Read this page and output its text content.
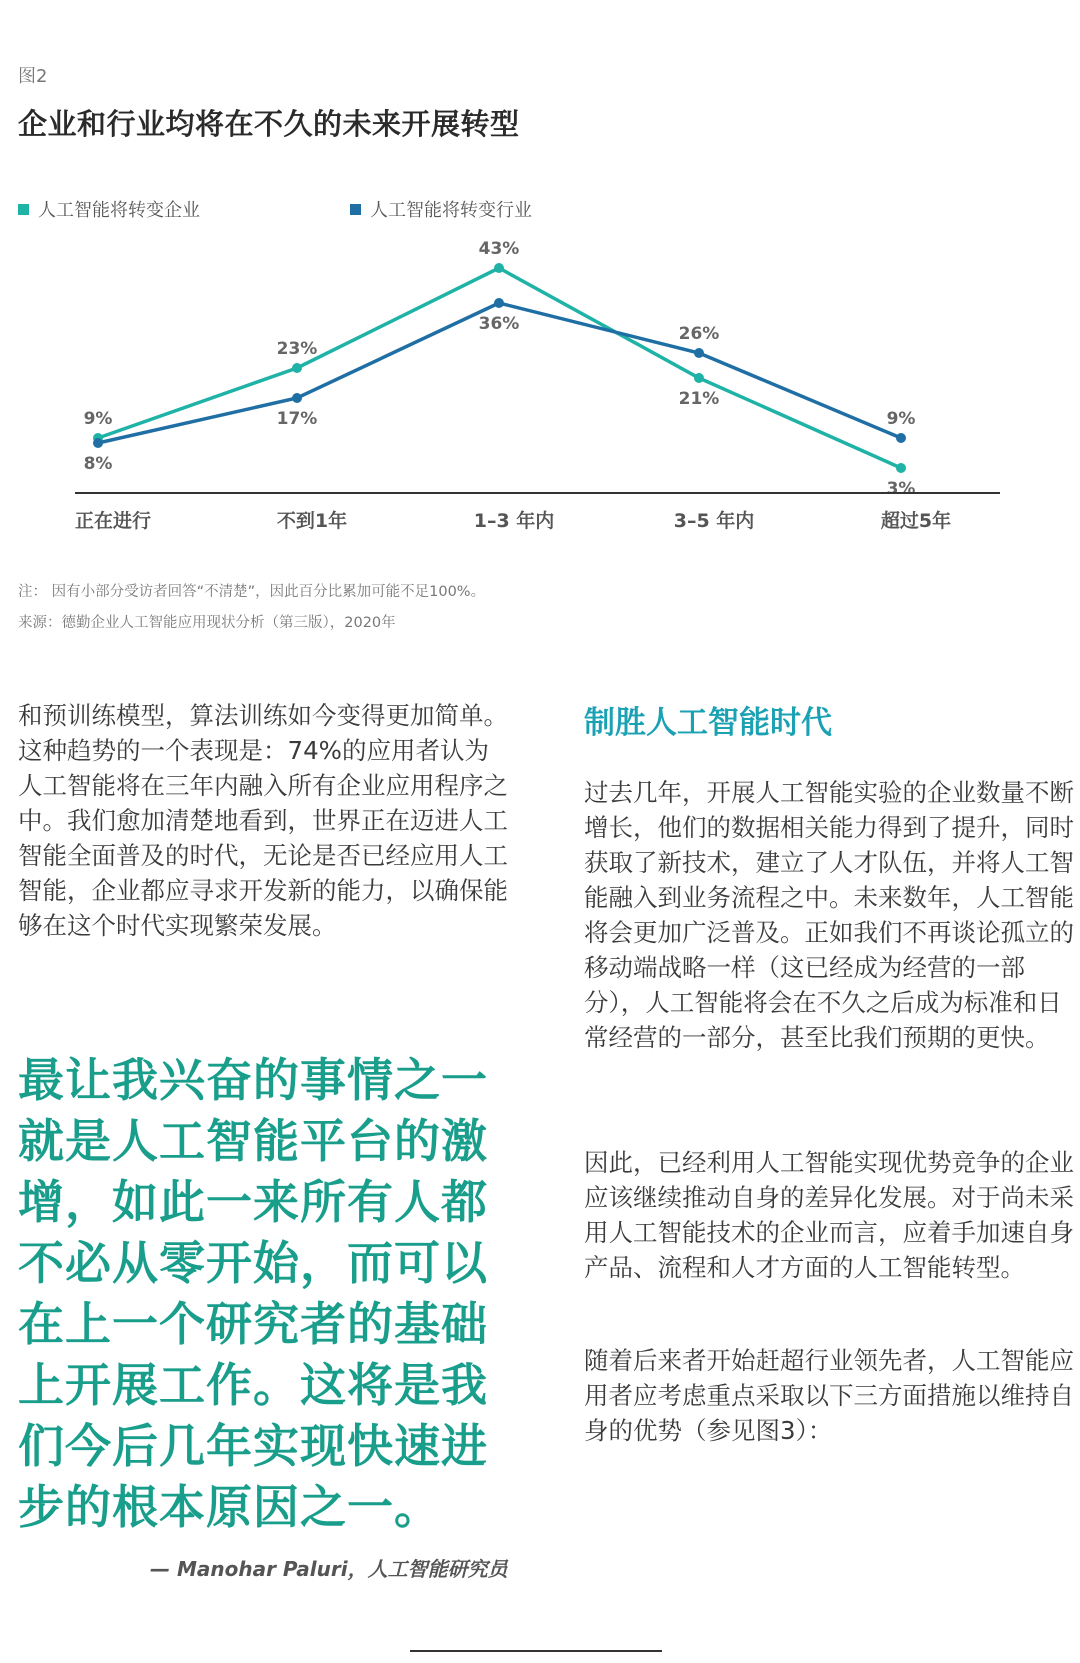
图2
企业和行业均将在不久的未来开展转型
人工智能将转变企业	人工智能将转变行业
9%
23%
43%
21%
3%
8%
17%
36%	26%
9%
正在进行	不到1年	1–3 年内	3–5 年内	超过5年
注： 因有小部分受访者回答“不清楚”，因此百分比累加可能不足100%。
来源：德勤企业人工智能应用现状分析（第三版），2020年
和预训练模型，算法训练如今变得更加简单。这种趋势的一个表现是：74%的应用者认为人工智能将在三年内融入所有企业应用程序之中。我们愈加清楚地看到，世界正在迈进人工智能全面普及的时代，无论是否已经应用人工智能，企业都应寻求开发新的能力，以确保能够在这个时代实现繁荣发展。
最让我兴奋的事情之一就是人工智能平台的激增，如此一来所有人都不必从零开始，而可以在上一个研究者的基础上开展工作。这将是我们今后几年实现快速进步的根本原因之一。
— Manohar Paluri，人工智能研究员
制胜人工智能时代
过去几年，开展人工智能实验的企业数量不断增长，他们的数据相关能力得到了提升，同时获取了新技术，建立了人才队伍，并将人工智能融入到业务流程之中。未来数年，人工智能将会更加广泛普及。正如我们不再谈论孤立的移动端战略一样（这已经成为经营的一部分），人工智能将会在不久之后成为标准和日常经营的一部分，甚至比我们预期的更快。
因此，已经利用人工智能实现优势竞争的企业应该继续推动自身的差异化发展。对于尚未采用人工智能技术的企业而言，应着手加速自身产品、流程和人才方面的人工智能转型。
随着后来者开始赶超行业领先者，人工智能应用者应考虑重点采取以下三方面措施以维持自身的优势（参见图3）：
